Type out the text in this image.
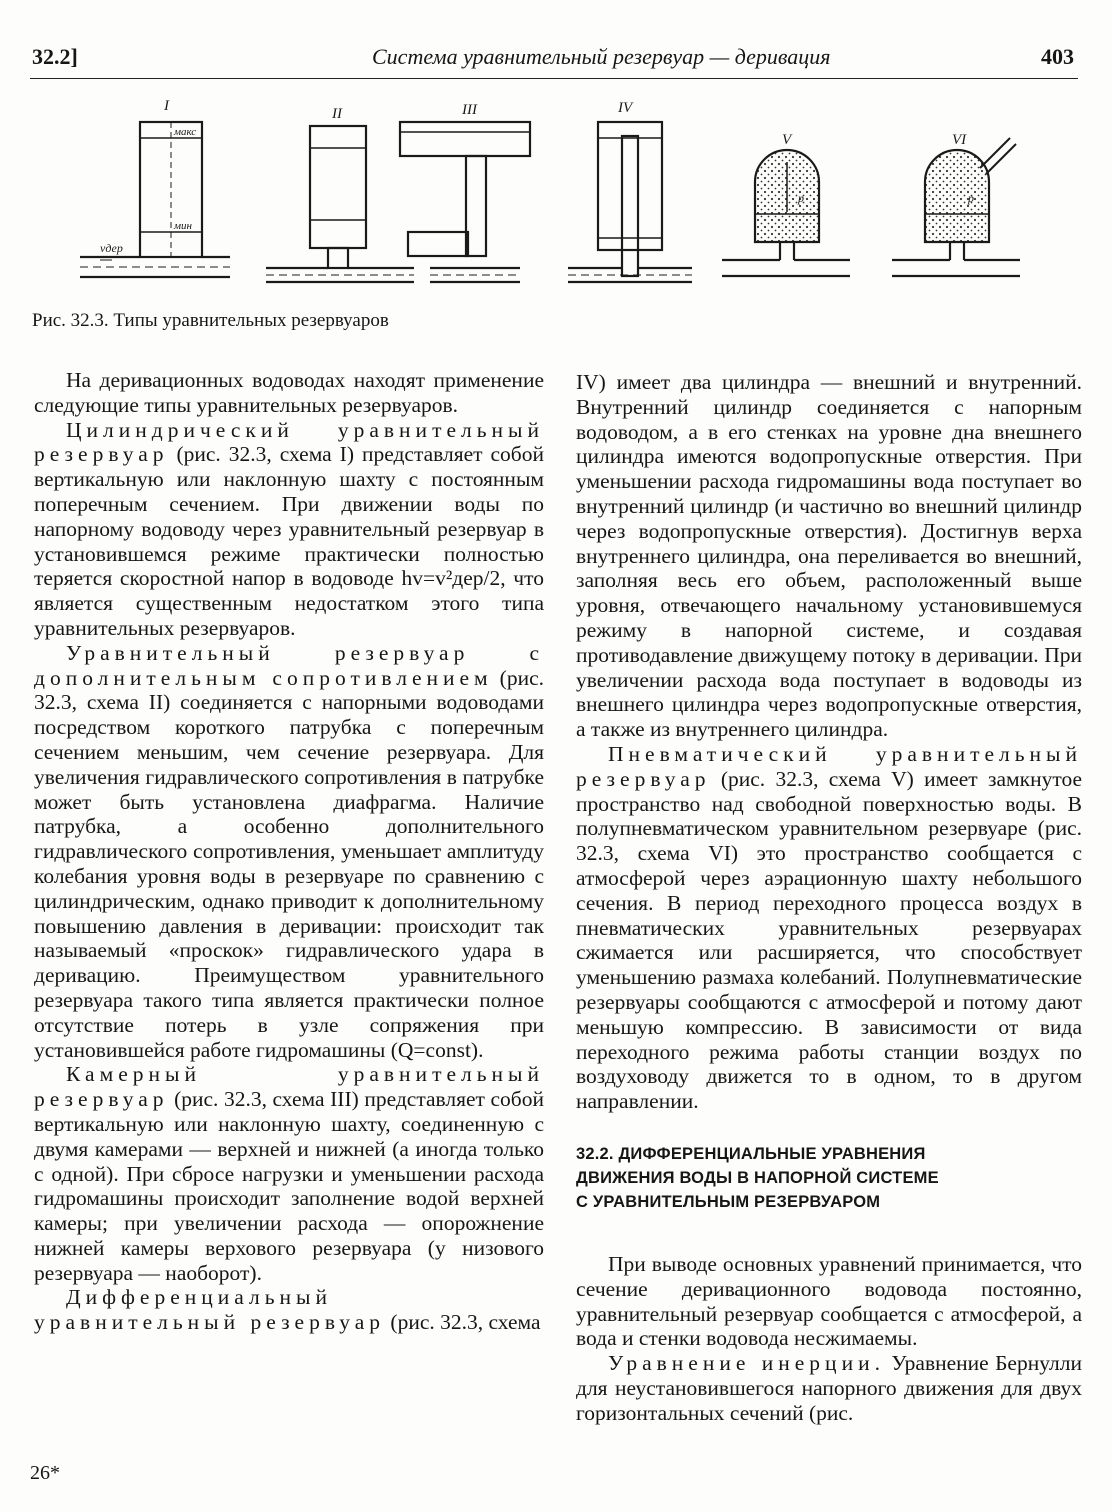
32.2]	Система уравнительный резервуар — деривация	403
I	II	III	IV
V	VI
макс
мин
vдер
p	p
Рис. 32.3. Типы уравнительных резервуаров

На деривационных водоводах находят применение следующие типы уравнительных резервуаров.

Цилиндрический уравнительный резервуар (рис. 32.3, схема I) представляет собой вертикальную или наклонную шахту с постоянным поперечным сечением. При движении воды по напорному водоводу через уравнительный резервуар в установившемся режиме практически полностью теряется скоростной напор в водоводе hv=v²дер/2, что является существенным недостатком этого типа уравнительных резервуаров.

Уравнительный резервуар с дополнительным сопротивлением (рис. 32.3, схема II) соединяется с напорными водоводами посредством короткого патрубка с поперечным сечением меньшим, чем сечение резервуара. Для увеличения гидравлического сопротивления в патрубке может быть установлена диафрагма. Наличие патрубка, а особенно дополнительного гидравлического сопротивления, уменьшает амплитуду колебания уровня воды в резервуаре по сравнению с цилиндрическим, однако приводит к дополнительному повышению давления в деривации: происходит так называемый «проскок» гидравлического удара в деривацию. Преимуществом уравнительного резервуара такого типа является практически полное отсутствие потерь в узле сопряжения при установившейся работе гидромашины (Q=const).

Камерный уравнительный резервуар (рис. 32.3, схема III) представляет собой вертикальную или наклонную шахту, соединенную с двумя камерами — верхней и нижней (а иногда только с одной). При сбросе нагрузки и уменьшении расхода гидромашины происходит заполнение водой верхней камеры; при увеличении расхода — опорожнение нижней камеры верхового резервуара (у низового резервуара — наоборот).

Дифференциальный уравнительный резервуар (рис. 32.3, схема

IV) имеет два цилиндра — внешний и внутренний. Внутренний цилиндр соединяется с напорным водоводом, а в его стенках на уровне дна внешнего цилиндра имеются водопропускные отверстия. При уменьшении расхода гидромашины вода поступает во внутренний цилиндр (и частично во внешний цилиндр через водопропускные отверстия). Достигнув верха внутреннего цилиндра, она переливается во внешний, заполняя весь его объем, расположенный выше уровня, отвечающего начальному установившемуся режиму в напорной системе, и создавая противодавление движущему потоку в деривации. При увеличении расхода вода поступает в водоводы из внешнего цилиндра через водопропускные отверстия, а также из внутреннего цилиндра.

Пневматический уравнительный резервуар (рис. 32.3, схема V) имеет замкнутое пространство над свободной поверхностью воды. В полупневматическом уравнительном резервуаре (рис. 32.3, схема VI) это пространство сообщается с атмосферой через аэрационную шахту небольшого сечения. В период переходного процесса воздух в пневматических уравнительных резервуарах сжимается или расширяется, что способствует уменьшению размаха колебаний. Полупневматические резервуары сообщаются с атмосферой и потому дают меньшую компрессию. В зависимости от вида переходного режима работы станции воздух по воздуховоду движется то в одном, то в другом направлении.

32.2. ДИФФЕРЕНЦИАЛЬНЫЕ УРАВНЕНИЯ
ДВИЖЕНИЯ ВОДЫ В НАПОРНОЙ СИСТЕМЕ
С УРАВНИТЕЛЬНЫМ РЕЗЕРВУАРОМ

При выводе основных уравнений принимается, что сечение деривационного водовода постоянно, уравнительный резервуар сообщается с атмосферой, а вода и стенки водовода несжимаемы.

Уравнение инерции. Уравнение Бернулли для неустановившегося напорного движения для двух горизонтальных сечений (рис.

26*
